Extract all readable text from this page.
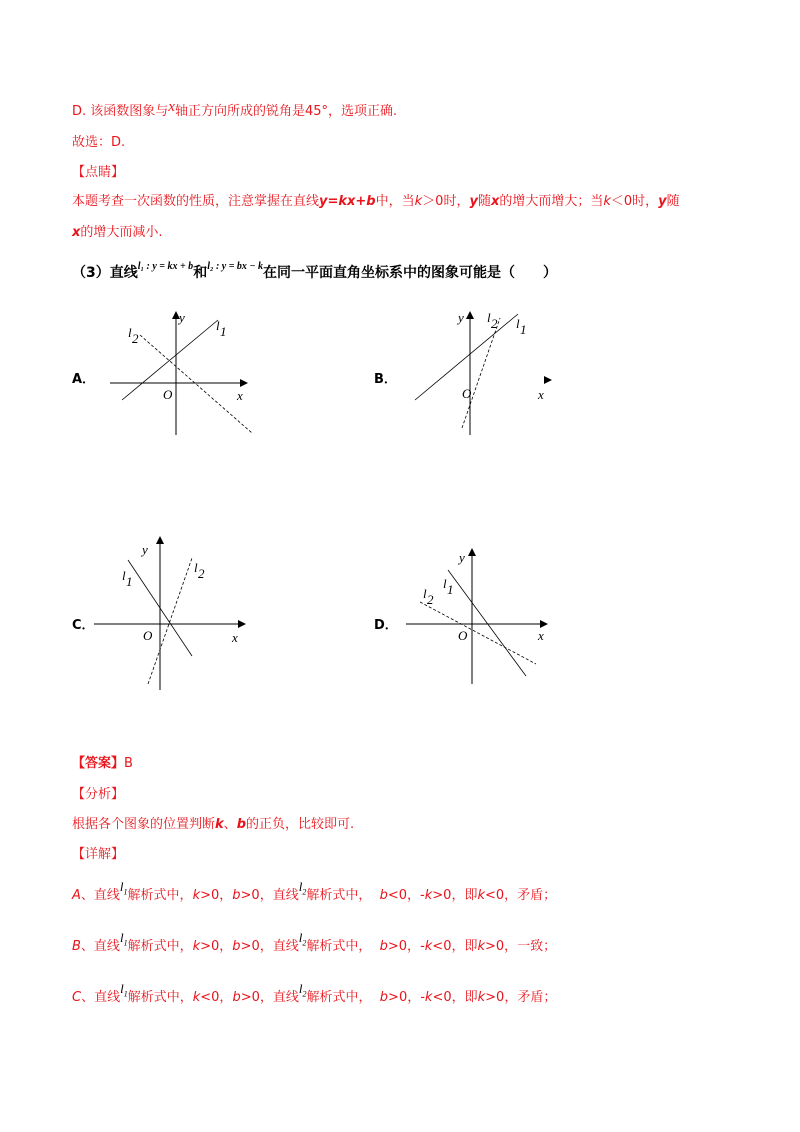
D. 该函数图象与x轴正方向所成的锐角是45°，选项正确.
故选：D.
【点睛】
本题考查一次函数的性质，注意掌握在直线y=kx+b中，当k＞0时，y随x的增大而增大；当k＜0时，y随
x的增大而减小.
（3）直线$^{l_1 : y = kx + b}$和$^{l_2 : y = bx - k}$在同一平面直角坐标系中的图象可能是（　　）
A．	B．
C．	D．
y
x
O
l 1
l 2
y
x
O
l 1
l 2
y
x
O
l 1
l 2
y
x
O
l 1
l 2
【答案】B
【分析】
根据各个图象的位置判断k、b的正负，比较即可.
【详解】
A、直线$l_1$解析式中，k>0，b>0，直线$l_2$解析式中， b<0，-k>0，即k<0，矛盾；
B、直线$l_1$解析式中，k>0，b>0，直线$l_2$解析式中， b>0，-k<0，即k>0，一致；
C、直线$l_1$解析式中，k<0，b>0，直线$l_2$解析式中， b>0，-k<0，即k>0，矛盾；
